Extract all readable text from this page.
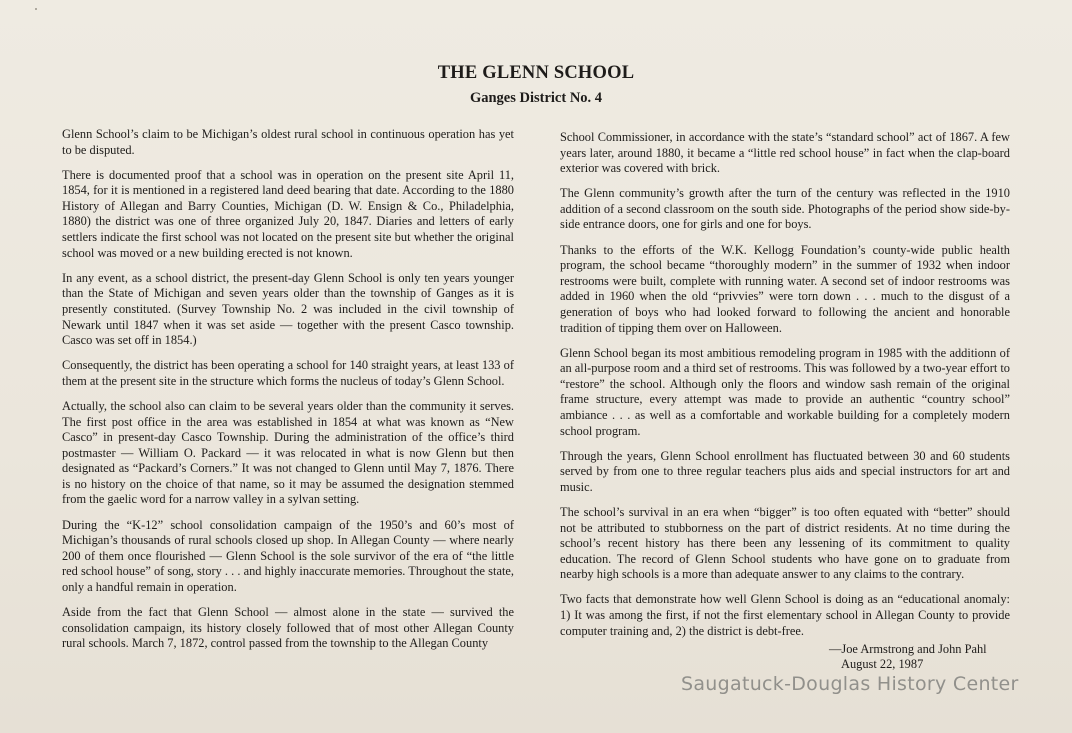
THE GLENN SCHOOL
Ganges District No. 4

Glenn School’s claim to be Michigan’s oldest rural school in continuous operation has yet to be disputed.

There is documented proof that a school was in operation on the present site April 11, 1854, for it is mentioned in a registered land deed bearing that date. According to the 1880 History of Allegan and Barry Counties, Michigan (D. W. Ensign & Co., Philadelphia, 1880) the district was one of three organized July 20, 1847. Diaries and letters of early settlers indicate the first school was not located on the present site but whether the original school was moved or a new building erected is not known.

In any event, as a school district, the present-day Glenn School is only ten years younger than the State of Michigan and seven years older than the township of Ganges as it is presently constituted. (Survey Township No. 2 was included in the civil township of Newark until 1847 when it was set aside — together with the present Casco township. Casco was set off in 1854.)

Consequently, the district has been operating a school for 140 straight years, at least 133 of them at the present site in the structure which forms the nucleus of today’s Glenn School.

Actually, the school also can claim to be several years older than the community it serves. The first post office in the area was established in 1854 at what was known as “New Casco” in present-day Casco Township. During the administration of the office’s third postmaster — William O. Packard — it was relocated in what is now Glenn but then designated as “Packard’s Corners.” It was not changed to Glenn until May 7, 1876. There is no history on the choice of that name, so it may be assumed the designation stemmed from the gaelic word for a narrow valley in a sylvan setting.

During the “K-12” school consolidation campaign of the 1950’s and 60’s most of Michigan’s thousands of rural schools closed up shop. In Allegan County — where nearly 200 of them once flourished — Glenn School is the sole survivor of the era of “the little red school house” of song, story . . . and highly inaccurate memories. Throughout the state, only a handful remain in operation.

Aside from the fact that Glenn School — almost alone in the state — survived the consolidation campaign, its history closely followed that of most other Allegan County rural schools. March 7, 1872, control passed from the township to the Allegan County

School Commissioner, in accordance with the state’s “standard school” act of 1867. A few years later, around 1880, it became a “little red school house” in fact when the clap-board exterior was covered with brick.

The Glenn community’s growth after the turn of the century was reflected in the 1910 addition of a second classroom on the south side. Photographs of the period show side-by-side entrance doors, one for girls and one for boys.

Thanks to the efforts of the W.K. Kellogg Foundation’s county-wide public health program, the school became “thoroughly modern” in the summer of 1932 when indoor restrooms were built, complete with running water. A second set of indoor restrooms was added in 1960 when the old “privvies” were torn down . . . much to the disgust of a generation of boys who had looked forward to following the ancient and honorable tradition of tipping them over on Halloween.

Glenn School began its most ambitious remodeling program in 1985 with the additionn of an all-purpose room and a third set of restrooms. This was followed by a two-year effort to “restore” the school. Although only the floors and window sash remain of the original frame structure, every attempt was made to provide an authentic “country school” ambiance . . . as well as a comfortable and workable building for a completely modern school program.

Through the years, Glenn School enrollment has fluctuated between 30 and 60 students served by from one to three regular teachers plus aids and special instructors for art and music.

The school’s survival in an era when “bigger” is too often equated with “better” should not be attributed to stubborness on the part of district residents. At no time during the school’s recent history has there been any lessening of its commitment to quality education. The record of Glenn School students who have gone on to graduate from nearby high schools is a more than adequate answer to any claims to the contrary.

Two facts that demonstrate how well Glenn School is doing as an “educational anomaly: 1) It was among the first, if not the first elementary school in Allegan County to provide computer training and, 2) the district is debt-free.

—Joe Armstrong and John Pahl
August 22, 1987
Saugatuck-Douglas History Center
